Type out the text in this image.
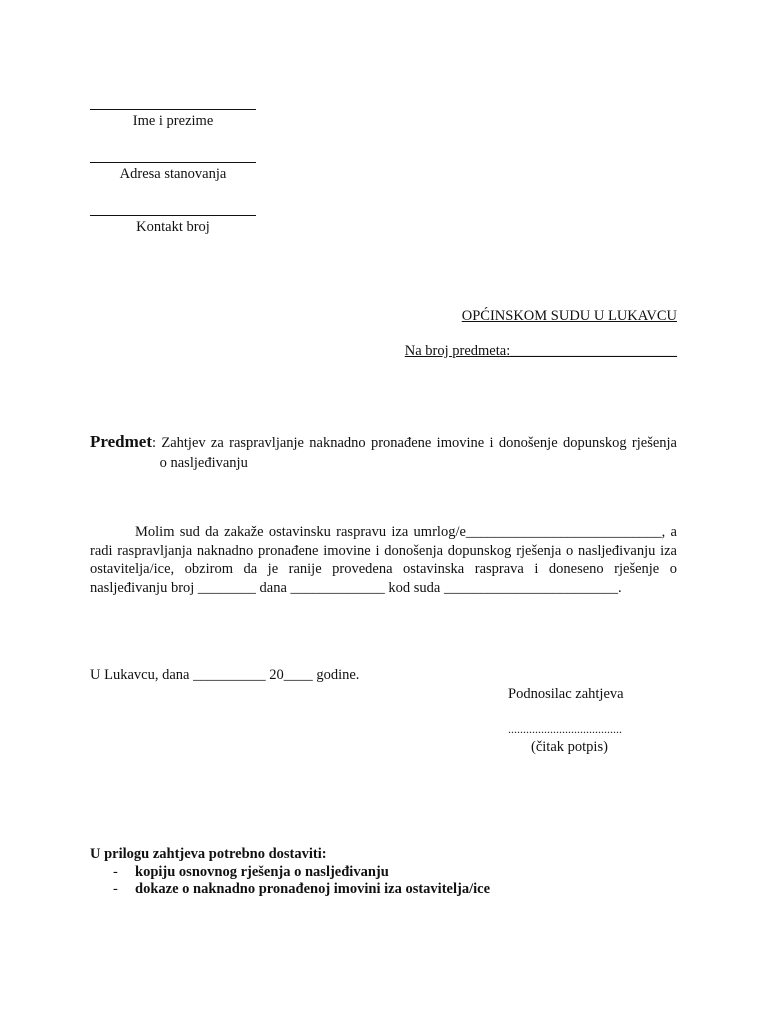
Ime i prezime
Adresa stanovanja
Kontakt broj
OPĆINSKOM SUDU U LUKAVCU
Na broj predmeta:_______________________
Predmet: Zahtjev za raspravljanje naknadno pronađene imovine i donošenje dopunskog rješenja  o nasljeđivanju
Molim sud da zakaže ostavinsku raspravu iza umrlog/e___________________________, a radi raspravljanja naknadno pronađene imovine i donošenja dopunskog rješenja o nasljeđivanju iza ostavitelja/ice, obzirom da je ranije provedena ostavinska rasprava i doneseno rješenje o nasljeđivanju broj ________ dana _____________ kod suda ________________________.
U Lukavcu, dana __________ 20____ godine.
Podnosilac zahtjeva
......................................
(čitak potpis)
U prilogu zahtjeva potrebno dostaviti:
- kopiju osnovnog rješenja o nasljeđivanju
- dokaze o naknadno pronađenoj imovini iza ostavitelja/ice
